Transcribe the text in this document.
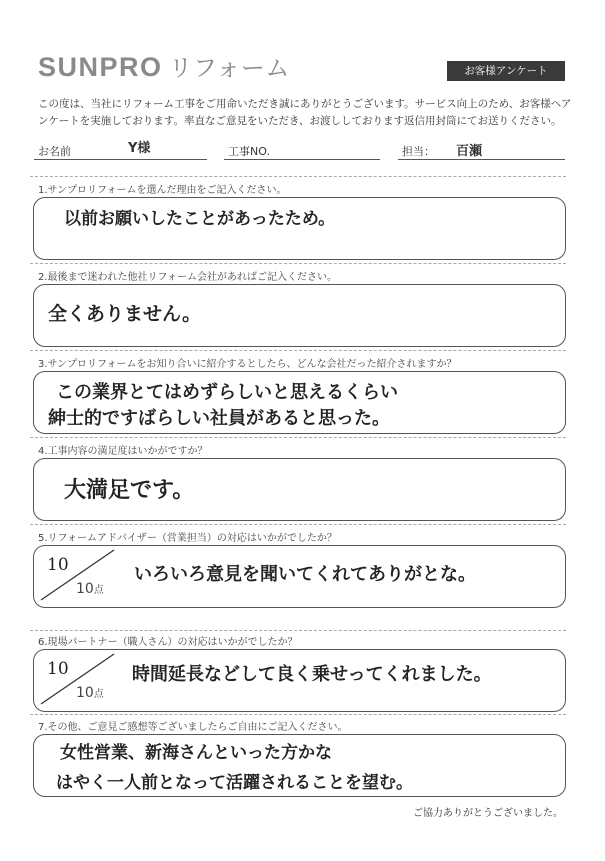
SUNPRO リフォーム	お客様アンケート
この度は、当社にリフォーム工事をご用命いただき誠にありがとうございます。サービス向上のため、お客様へアンケートを実施しております。率直なご意見をいただき、お渡ししております返信用封筒にてお送りください。
お名前	Y様	工事NO.	担当： 百瀬
1.サンプロリフォームを選んだ理由をご記入ください。
以前お願いしたことがあったため。
2.最後まで迷われた他社リフォーム会社があればご記入ください。
全くありません。
3.サンプロリフォームをお知り合いに紹介するとしたら、どんな会社だった紹介されますか？
この業界とてはめずらしいと思えるくらい
紳士的ですばらしい社員があると思った。
4.工事内容の満足度はいかがですか？
大満足です。
5.リフォームアドバイザー（営業担当）の対応はいかがでしたか？
10
10点
いろいろ意見を聞いてくれてありがとな。
6.現場パートナー（職人さん）の対応はいかがでしたか？
10
10点
時間延長などして良く乗せってくれました。
7.その他、ご意見ご感想等ございましたらご自由にご記入ください。
女性営業、新海さんといった方かな
はやく一人前となって活躍されることを望む。
ご協力ありがとうございました。
